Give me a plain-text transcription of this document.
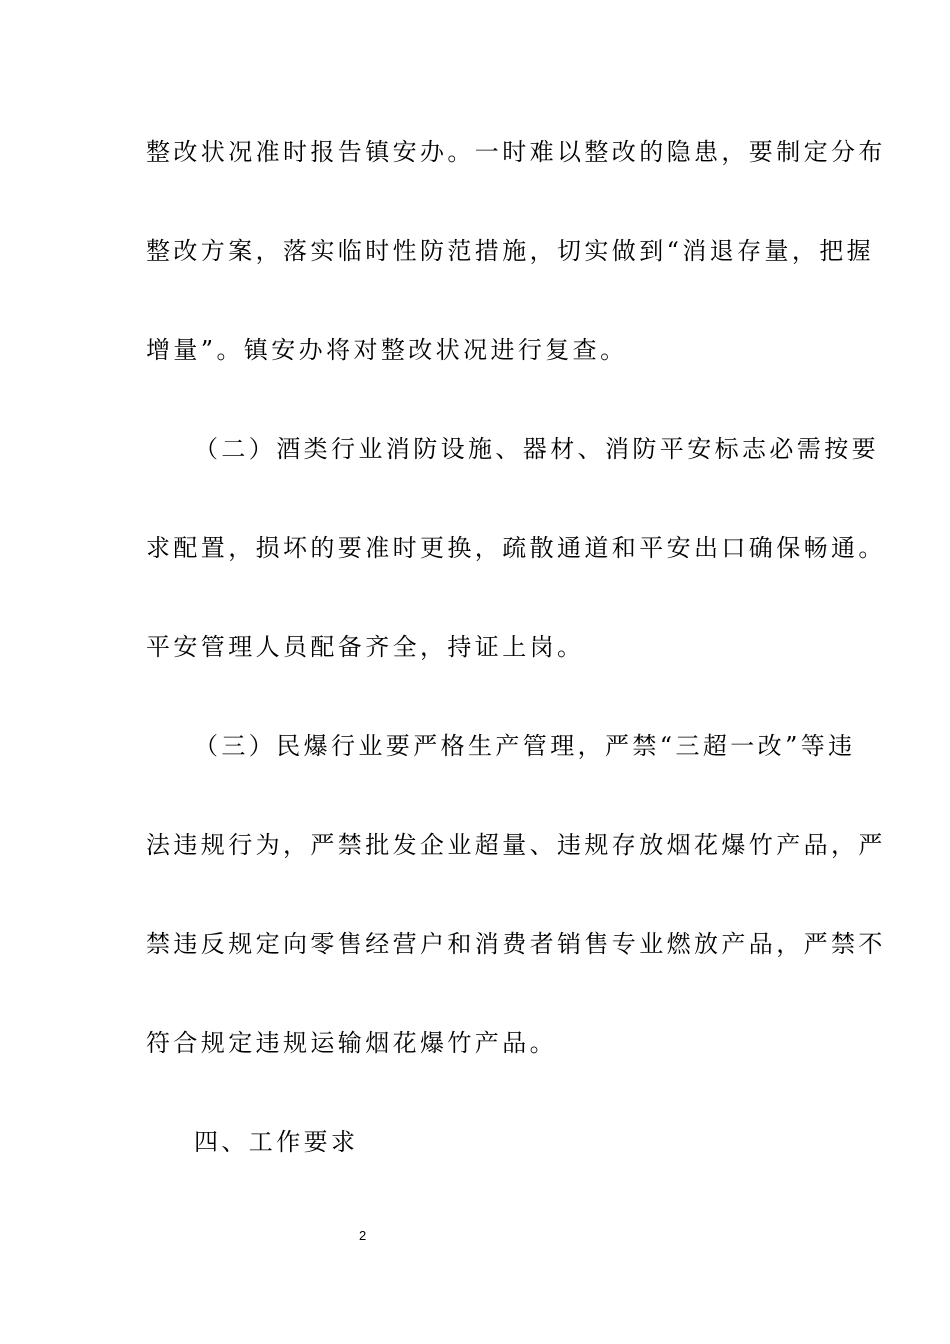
整改状况准时报告镇安办。一时难以整改的隐患，要制定分布
整改方案，落实临时性防范措施，切实做到“消退存量，把握
增量”。镇安办将对整改状况进行复查。
（二）酒类行业消防设施、器材、消防平安标志必需按要
求配置，损坏的要准时更换，疏散通道和平安出口确保畅通。
平安管理人员配备齐全，持证上岗。
（三）民爆行业要严格生产管理，严禁“三超一改”等违
法违规行为，严禁批发企业超量、违规存放烟花爆竹产品，严
禁违反规定向零售经营户和消费者销售专业燃放产品，严禁不
符合规定违规运输烟花爆竹产品。
四、工作要求
2
